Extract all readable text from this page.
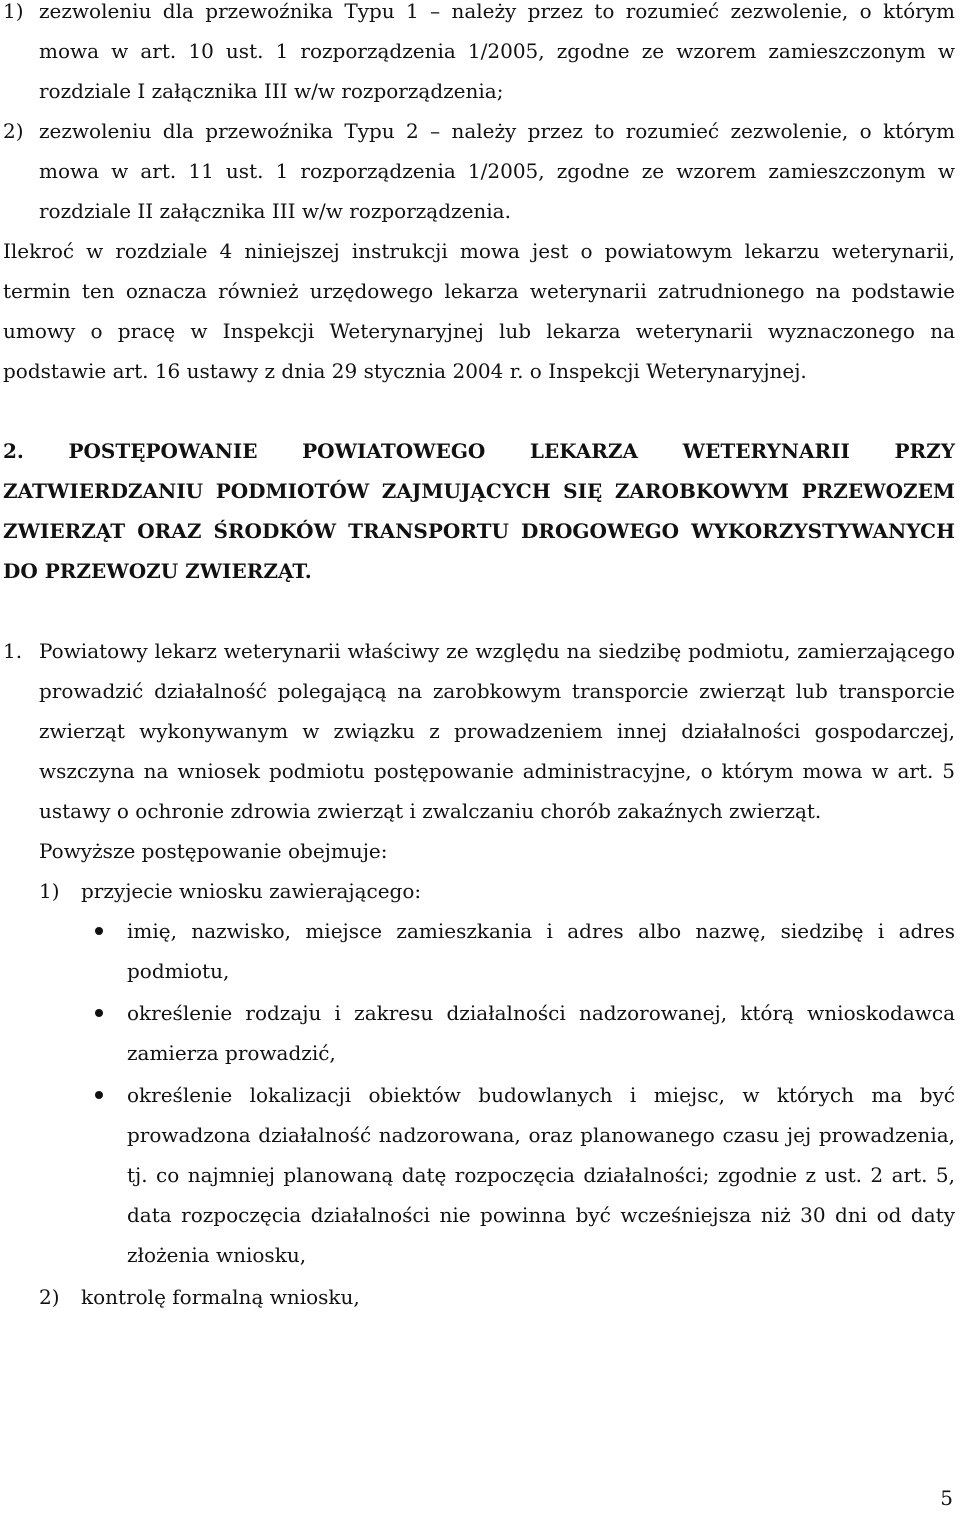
1) zezwoleniu dla przewoźnika Typu 1 – należy przez to rozumieć zezwolenie, o którym mowa w art. 10 ust. 1 rozporządzenia 1/2005, zgodne ze wzorem zamieszczonym w rozdziale I załącznika III w/w rozporządzenia;
2) zezwoleniu dla przewoźnika Typu 2 – należy przez to rozumieć zezwolenie, o którym mowa w art. 11 ust. 1 rozporządzenia 1/2005, zgodne ze wzorem zamieszczonym w rozdziale II załącznika III w/w rozporządzenia.

Ilekroć w rozdziale 4 niniejszej instrukcji mowa jest o powiatowym lekarzu weterynarii, termin ten oznacza również urzędowego lekarza weterynarii zatrudnionego na podstawie umowy o pracę w Inspekcji Weterynaryjnej lub lekarza weterynarii wyznaczonego na podstawie art. 16 ustawy z dnia 29 stycznia 2004 r. o Inspekcji Weterynaryjnej.

2. POSTĘPOWANIE POWIATOWEGO LEKARZA WETERYNARII PRZY ZATWIERDZANIU PODMIOTÓW ZAJMUJĄCYCH SIĘ ZAROBKOWYM PRZEWOZEM ZWIERZĄT ORAZ ŚRODKÓW TRANSPORTU DROGOWEGO WYKORZYSTYWANYCH DO PRZEWOZU ZWIERZĄT.

1. Powiatowy lekarz weterynarii właściwy ze względu na siedzibę podmiotu, zamierzającego prowadzić działalność polegającą na zarobkowym transporcie zwierząt lub transporcie zwierząt wykonywanym w związku z prowadzeniem innej działalności gospodarczej, wszczyna na wniosek podmiotu postępowanie administracyjne, o którym mowa w art. 5 ustawy o ochronie zdrowia zwierząt i zwalczaniu chorób zakaźnych zwierząt.

Powyższe postępowanie obejmuje:

1)	przyjecie wniosku zawierającego:
imię, nazwisko, miejsce zamieszkania i adres albo nazwę, siedzibę i adres podmiotu,
określenie rodzaju i zakresu działalności nadzorowanej, którą wnioskodawca zamierza prowadzić,
określenie lokalizacji obiektów budowlanych i miejsc, w których ma być prowadzona działalność nadzorowana, oraz planowanego czasu jej prowadzenia, tj. co najmniej planowaną datę rozpoczęcia działalności; zgodnie z ust. 2 art. 5, data rozpoczęcia działalności nie powinna być wcześniejsza niż 30 dni od daty złożenia wniosku,
2)	kontrolę formalną wniosku,
5
